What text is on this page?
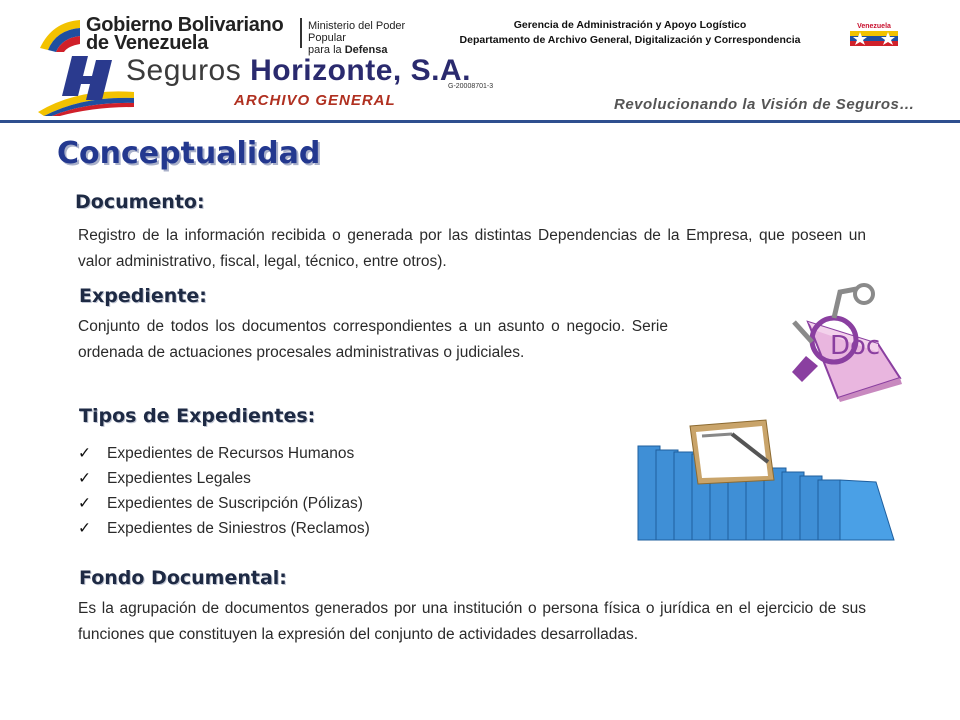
Gobierno Bolivariano
de Venezuela
Ministerio del Poder Popular
para la Defensa
Gerencia de Administración y Apoyo Logístico
Departamento de Archivo General, Digitalización y Correspondencia
Venezuela
Seguros Horizonte, S.A.
G-20008701-3
ARCHIVO GENERAL	Revolucionando la Visión de Seguros…
Conceptualidad
Documento:
Registro de la información recibida o generada por las distintas Dependencias de la Empresa, que poseen un valor administrativo, fiscal, legal, técnico, entre otros).
Expediente:
Conjunto de todos los documentos correspondientes a un asunto o negocio. Serie ordenada de actuaciones procesales administrativas o judiciales.	Doc
Tipos de Expedientes:
✓ Expedientes de Recursos Humanos
✓ Expedientes Legales
✓ Expedientes de Suscripción (Pólizas)
✓ Expedientes de Siniestros (Reclamos)
Fondo Documental:
Es la agrupación de documentos generados por una institución o persona física o jurídica en el ejercicio de sus funciones que constituyen la expresión del conjunto de actividades desarrolladas.
